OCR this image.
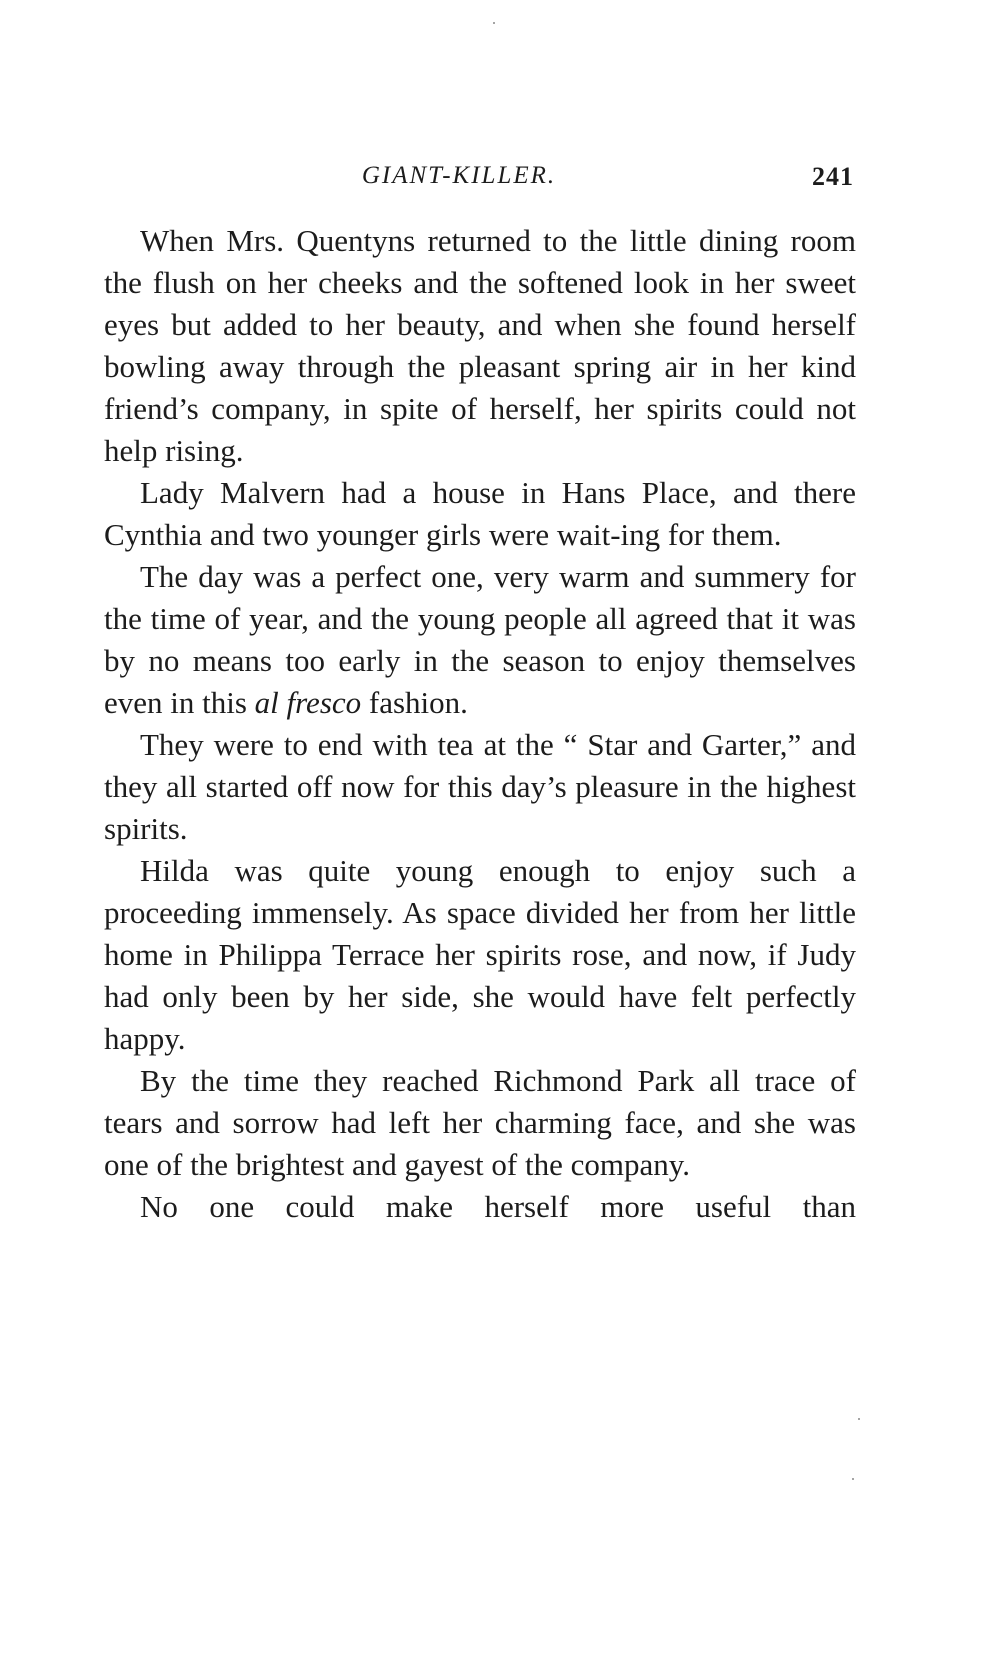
GIANT-KILLER.	241

When Mrs. Quentyns returned to the little dining room the flush on her cheeks and the softened look in her sweet eyes but added to her beauty, and when she found herself bowling away through the pleasant spring air in her kind friend’s company, in spite of herself, her spirits could not help rising.

Lady Malvern had a house in Hans Place, and there Cynthia and two younger girls were wait-ing for them.

The day was a perfect one, very warm and summery for the time of year, and the young people all agreed that it was by no means too early in the season to enjoy themselves even in this al fresco fashion.

They were to end with tea at the “ Star and Garter,” and they all started off now for this day’s pleasure in the highest spirits.

Hilda was quite young enough to enjoy such a proceeding immensely. As space divided her from her little home in Philippa Terrace her spirits rose, and now, if Judy had only been by her side, she would have felt perfectly happy.

By the time they reached Richmond Park all trace of tears and sorrow had left her charming face, and she was one of the brightest and gayest of the company.

No one could make herself more useful than
